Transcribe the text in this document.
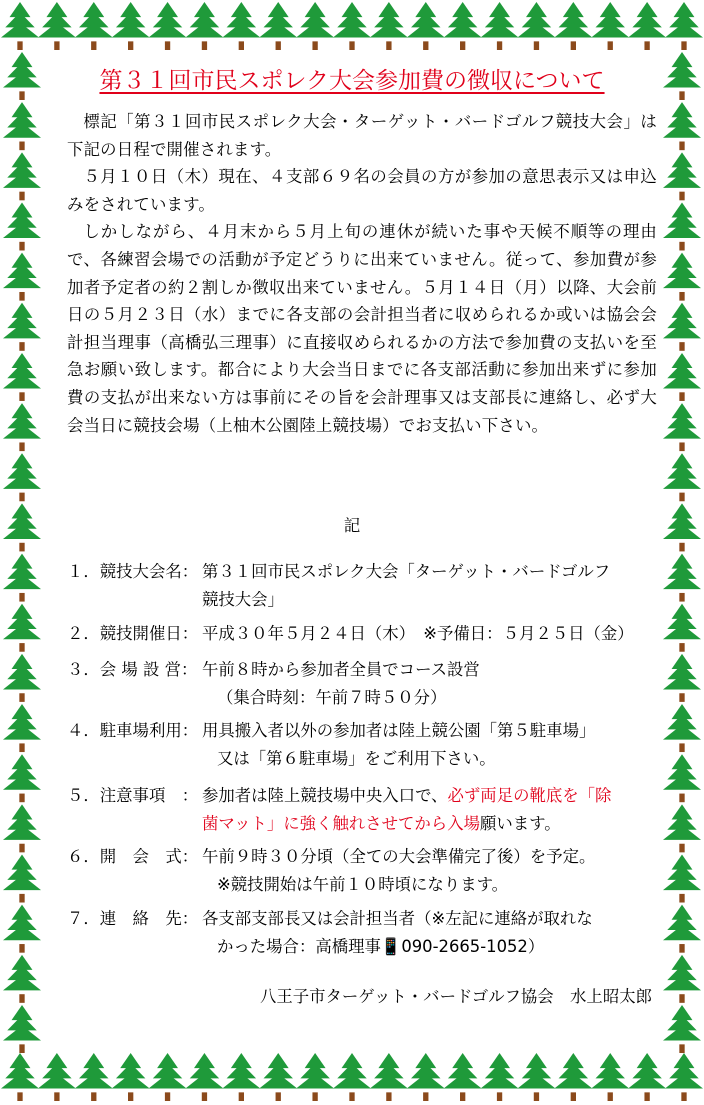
第３１回市民スポレク大会参加費の徴収について

標記「第３１回市民スポレク大会・ターゲット・バードゴルフ競技大会」は下記の日程で開催されます。

５月１０日（木）現在、４支部６９名の会員の方が参加の意思表示又は申込みをされています。

しかしながら、４月末から５月上旬の連休が続いた事や天候不順等の理由で、各練習会場での活動が予定どうりに出来ていません。従って、参加費が参加者予定者の約２割しか徴収出来ていません。５月１４日（月）以降、大会前日の５月２３日（水）までに各支部の会計担当者に収められるか或いは協会会計担当理事（高橋弘三理事）に直接収められるかの方法で参加費の支払いを至急お願い致します。都合により大会当日までに各支部活動に参加出来ずに参加費の支払が出来ない方は事前にその旨を会計理事又は支部長に連絡し、必ず大会当日に競技会場（上柚木公園陸上競技場）でお支払い下さい。

記
１．競技大会名： 第３１回市民スポレク大会「ターゲット・バードゴルフ
競技大会」
２．競技開催日： 平成３０年５月２４日（木）　※予備日：５月２５日（金）
３．会 場 設 営： 午前８時から参加者全員でコース設営
（集合時刻：午前７時５０分）
４．駐車場利用： 用具搬入者以外の参加者は陸上競公園「第５駐車場」
又は「第６駐車場」をご利用下さい。
５．注意事項　： 参加者は陸上競技場中央入口で、必ず両足の靴底を「除
菌マット」に強く触れさせてから入場願います。
６．開　会　式： 午前９時３０分頃（全ての大会準備完了後）を予定。
※競技開始は午前１０時頃になります。
７．連　絡　先： 各支部支部長又は会計担当者（※左記に連絡が取れな
かった場合：高橋理事📱090-2665-1052）
八王子市ターゲット・バードゴルフ協会　水上昭太郎
